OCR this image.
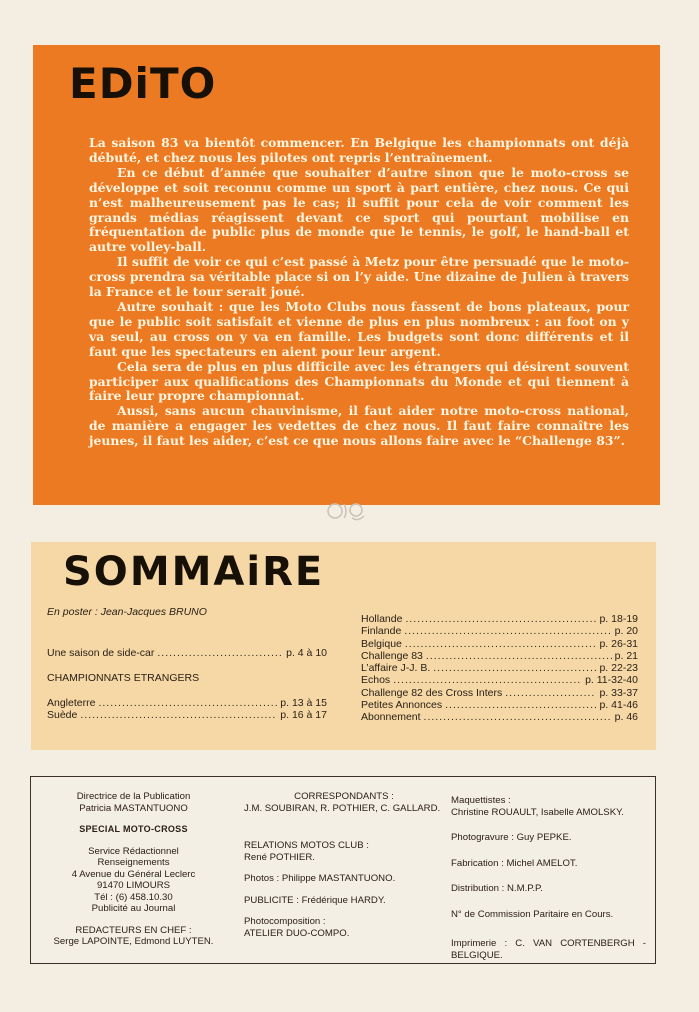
EDiTO

La saison 83 va bientôt commencer. En Belgique les championnats ont déjà débuté, et chez nous les pilotes ont repris l’entraînement.

En ce début d’année que souhaiter d’autre sinon que le moto-cross se développe et soit reconnu comme un sport à part entière, chez nous. Ce qui n’est malheureusement pas le cas; il suffit pour cela de voir comment les grands médias réagissent devant ce sport qui pourtant mobilise en fréquentation de public plus de monde que le tennis, le golf, le hand-ball et autre volley-ball.

Il suffit de voir ce qui c’est passé à Metz pour être persuadé que le moto-cross prendra sa véritable place si on l’y aide. Une dizaine de Julien à travers la France et le tour serait joué.

Autre souhait : que les Moto Clubs nous fassent de bons plateaux, pour que le public soit satisfait et vienne de plus en plus nombreux : au foot on y va seul, au cross on y va en famille. Les budgets sont donc différents et il faut que les spectateurs en aient pour leur argent.

Cela sera de plus en plus difficile avec les étrangers qui désirent souvent participer aux qualifications des Championnats du Monde et qui tiennent à faire leur propre championnat.

Aussi, sans aucun chauvinisme, il faut aider notre moto-cross national, de manière a engager les vedettes de chez nous. Il faut faire connaître les jeunes, il faut les aider, c’est ce que nous allons faire avec le “Challenge 83”.

SOMMAiRE
En poster : Jean-Jacques BRUNO
Une saison de side-car .....	p. 4 à 10
CHAMPIONNATS ETRANGERS
Angleterre .....	p. 13 à 15
Suède .....	p. 16 à 17
Hollande .....	p. 18-19
Finlande .....	p. 20
Belgique .....	p. 26-31
Challenge 83 .....	p. 21
L’affaire J-J. B. .....	p. 22-23
Echos .....	p. 11-32-40
Challenge 82 des Cross Inters .....	p. 33-37
Petites Annonces .....	p. 41-46
Abonnement .....	p. 46
Directrice de la Publication
Patricia MASTANTUONO
SPECIAL MOTO-CROSS
Service Rédactionnel
Renseignements
4 Avenue du Général Leclerc
91470 LIMOURS
Tél : (6) 458.10.30
Publicité au Journal
REDACTEURS EN CHEF :
Serge LAPOINTE, Edmond LUYTEN.
CORRESPONDANTS :
J.M. SOUBIRAN, R. POTHIER, C. GALLARD.
RELATIONS MOTOS CLUB :
René POTHIER.
Photos : Philippe MASTANTUONO.
PUBLICITE : Frédérique HARDY.
Photocomposition :
ATELIER DUO-COMPO.
Maquettistes :
Christine ROUAULT, Isabelle AMOLSKY.
Photogravure : Guy PEPKE.
Fabrication : Michel AMELOT.
Distribution : N.M.P.P.
N° de Commission Paritaire en Cours.
Imprimerie : C. VAN CORTENBERGH - BELGIQUE.
